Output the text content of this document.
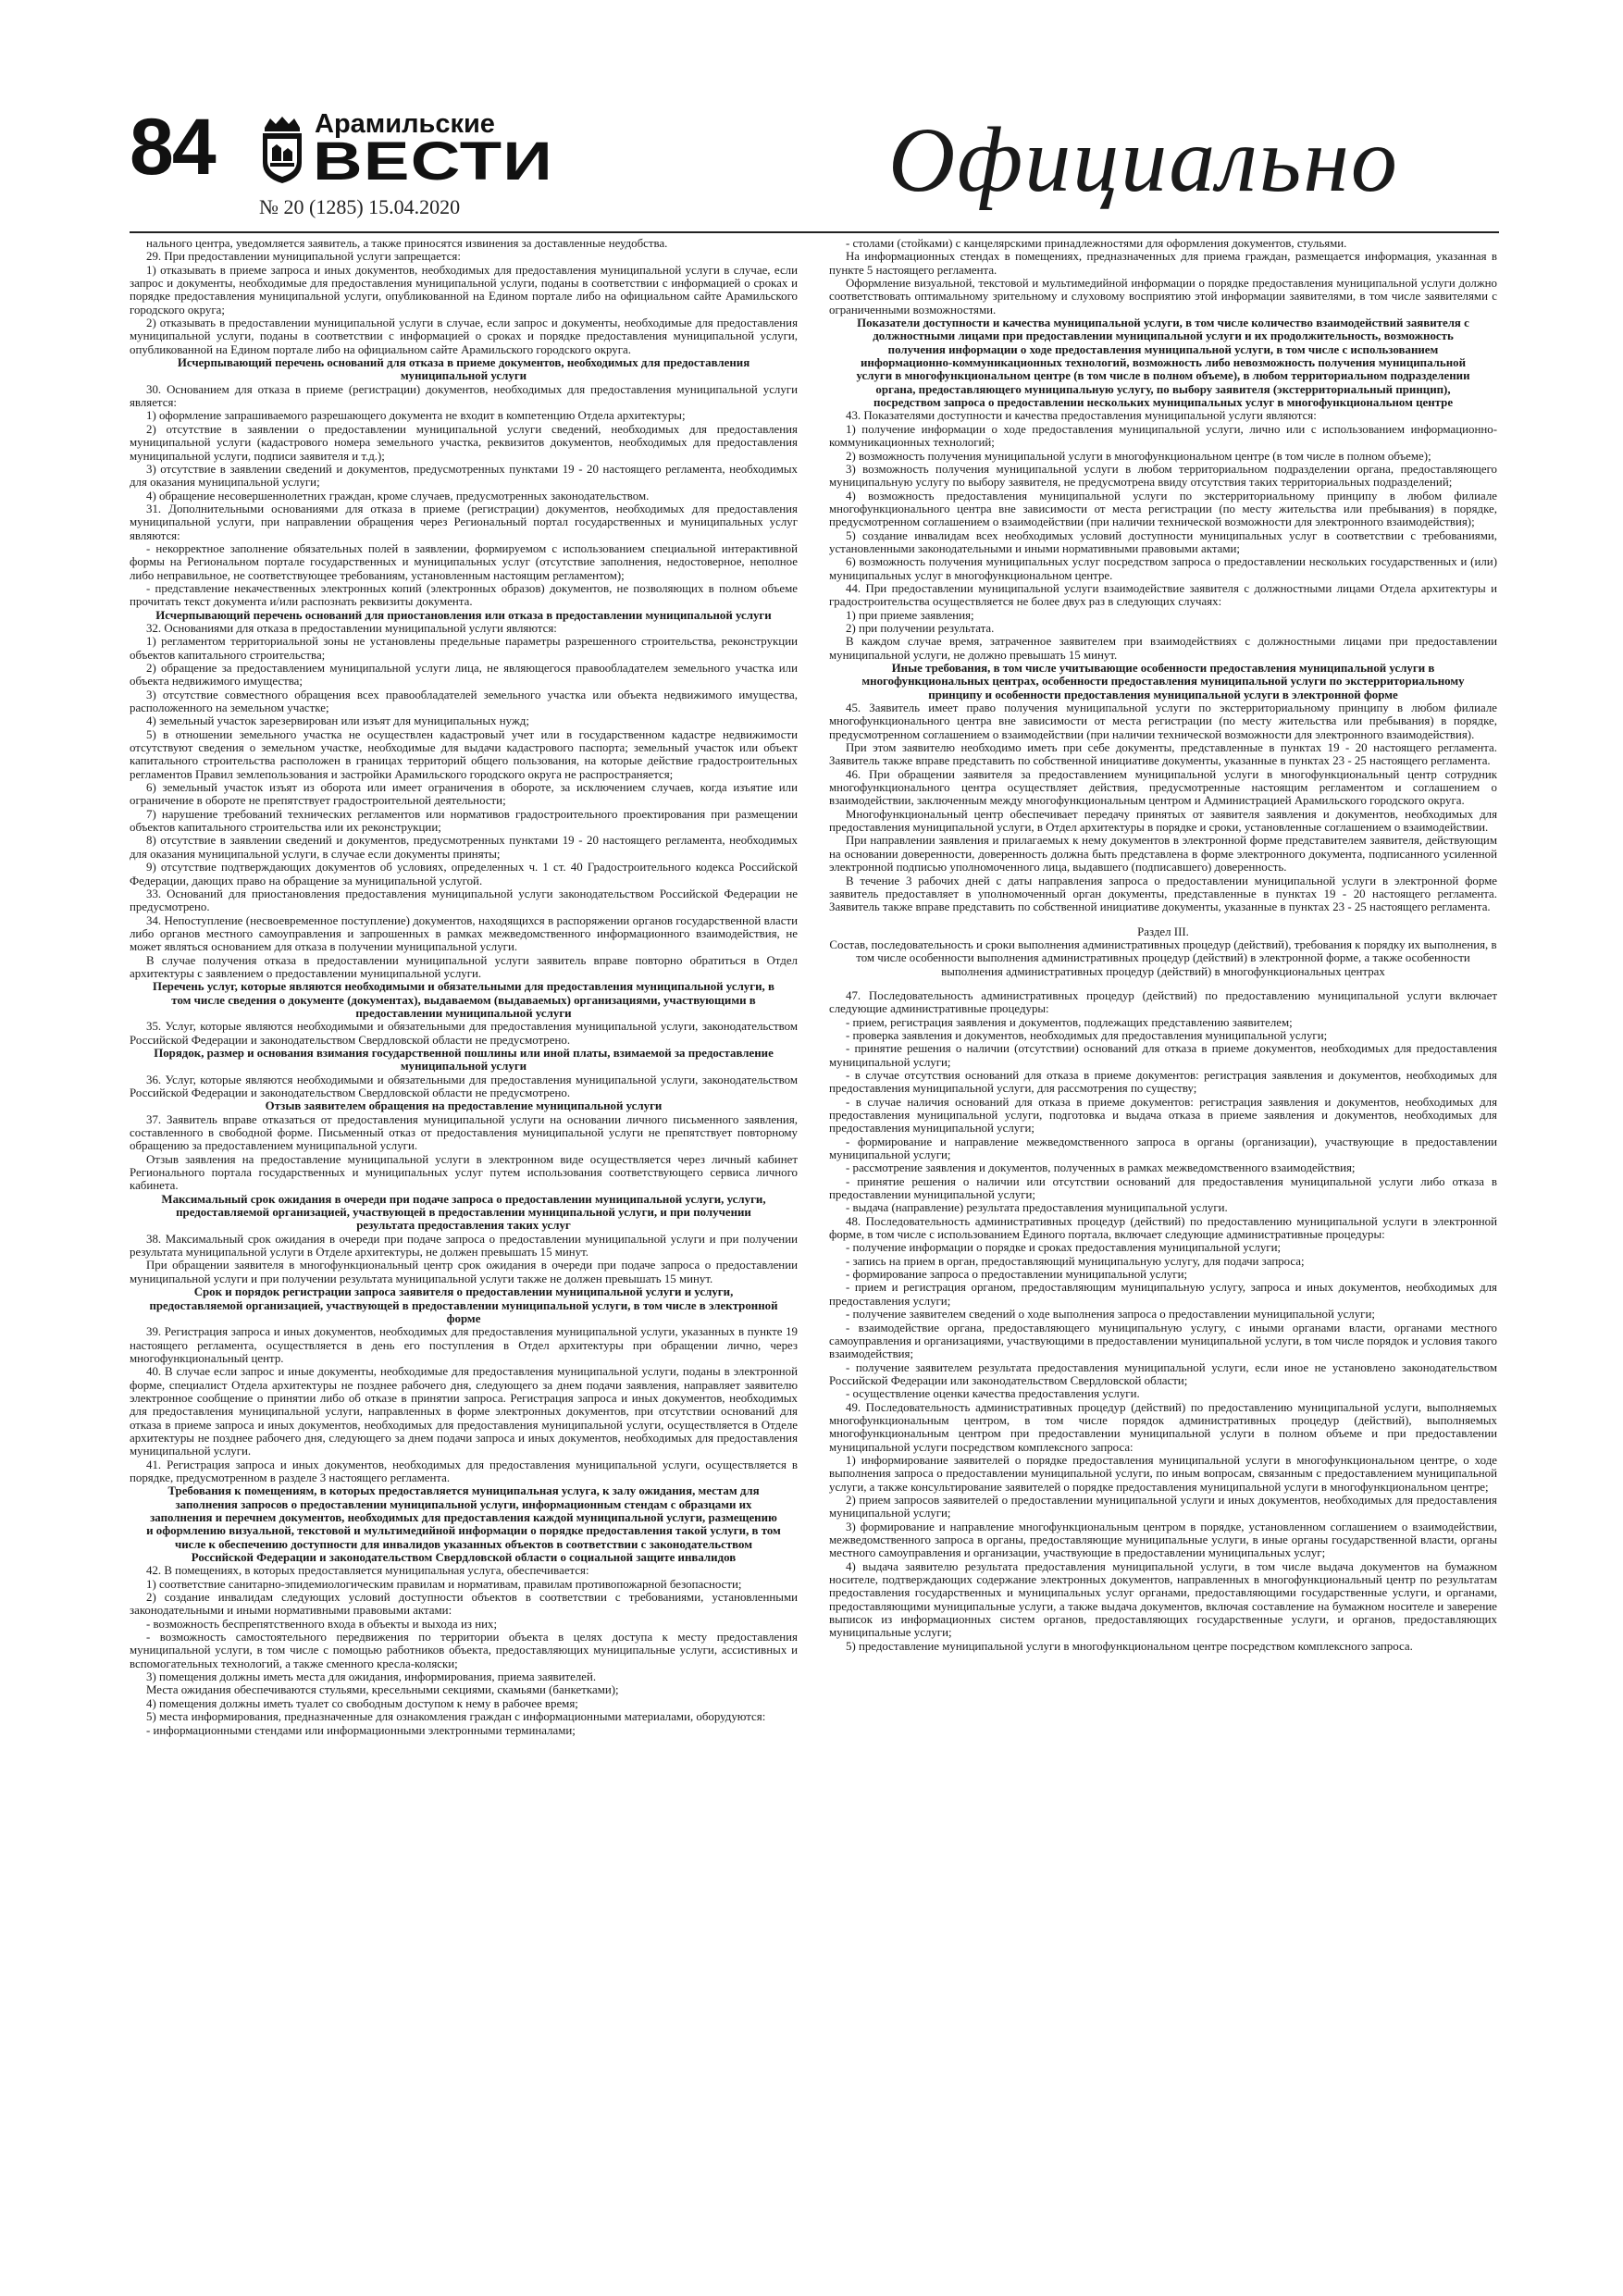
84	Арамильские
ВЕСТИ
№ 20 (1285) 15.04.2020	Официально

нального центра, уведомляется заявитель, а также приносятся извинения за доставленные неудобства.

29. При предоставлении муниципальной услуги запрещается:

1) отказывать в приеме запроса и иных документов, необходимых для предоставления муниципальной услуги в случае, если запрос и документы, необходимые для предоставления муниципальной услуги, поданы в соответствии с информацией о сроках и порядке предоставления муниципальной услуги, опубликованной на Едином портале либо на официальном сайте Арамильского городского округа;

2) отказывать в предоставлении муниципальной услуги в случае, если запрос и документы, необходимые для предоставления муниципальной услуги, поданы в соответствии с информацией о сроках и порядке предоставления муниципальной услуги, опубликованной на Едином портале либо на официальном сайте Арамильского городского округа.

Исчерпывающий перечень оснований для отказа в приеме документов, необходимых для предоставления муниципальной услуги

30. Основанием для отказа в приеме (регистрации) документов, необходимых для предоставления муниципальной услуги является:

1) оформление запрашиваемого разрешающего документа не входит в компетенцию Отдела архитектуры;

2) отсутствие в заявлении о предоставлении муниципальной услуги сведений, необходимых для предоставления муниципальной услуги (кадастрового номера земельного участка, реквизитов документов, необходимых для предоставления муниципальной услуги, подписи заявителя и т.д.);

3) отсутствие в заявлении сведений и документов, предусмотренных пунктами 19 - 20 настоящего регламента, необходимых для оказания муниципальной услуги;

4) обращение несовершеннолетних граждан, кроме случаев, предусмотренных законодательством.

31. Дополнительными основаниями для отказа в приеме (регистрации) документов, необходимых для предоставления муниципальной услуги, при направлении обращения через Региональный портал государственных и муниципальных услуг являются:

- некорректное заполнение обязательных полей в заявлении, формируемом с использованием специальной интерактивной формы на Региональном портале государственных и муниципальных услуг (отсутствие заполнения, недостоверное, неполное либо неправильное, не соответствующее требованиям, установленным настоящим регламентом);

- представление некачественных электронных копий (электронных образов) документов, не позволяющих в полном объеме прочитать текст документа и/или распознать реквизиты документа.

Исчерпывающий перечень оснований для приостановления или отказа в предоставлении муниципальной услуги

32. Основаниями для отказа в предоставлении муниципальной услуги являются:

1) регламентом территориальной зоны не установлены предельные параметры разрешенного строительства, реконструкции объектов капитального строительства;

2) обращение за предоставлением муниципальной услуги лица, не являющегося правообладателем земельного участка или объекта недвижимого имущества;

3) отсутствие совместного обращения всех правообладателей земельного участка или объекта недвижимого имущества, расположенного на земельном участке;

4) земельный участок зарезервирован или изъят для муниципальных нужд;

5) в отношении земельного участка не осуществлен кадастровый учет или в государственном кадастре недвижимости отсутствуют сведения о земельном участке, необходимые для выдачи кадастрового паспорта; земельный участок или объект капитального строительства расположен в границах территорий общего пользования, на которые действие градостроительных регламентов Правил землепользования и застройки Арамильского городского округа не распространяется;

6) земельный участок изъят из оборота или имеет ограничения в обороте, за исключением случаев, когда изъятие или ограничение в обороте не препятствует градостроительной деятельности;

7) нарушение требований технических регламентов или нормативов градостроительного проектирования при размещении объектов капитального строительства или их реконструкции;

8) отсутствие в заявлении сведений и документов, предусмотренных пунктами 19 - 20 настоящего регламента, необходимых для оказания муниципальной услуги, в случае если документы приняты;

9) отсутствие подтверждающих документов об условиях, определенных ч. 1 ст. 40 Градостроительного кодекса Российской Федерации, дающих право на обращение за муниципальной услугой.

33. Оснований для приостановления предоставления муниципальной услуги законодательством Российской Федерации не предусмотрено.

34. Непоступление (несвоевременное поступление) документов, находящихся в распоряжении органов государственной власти либо органов местного самоуправления и запрошенных в рамках межведомственного информационного взаимодействия, не может являться основанием для отказа в получении муниципальной услуги.

В случае получения отказа в предоставлении муниципальной услуги заявитель вправе повторно обратиться в Отдел архитектуры с заявлением о предоставлении муниципальной услуги.

Перечень услуг, которые являются необходимыми и обязательными для предоставления муниципальной услуги, в том числе сведения о документе (документах), выдаваемом (выдаваемых) организациями, участвующими в предоставлении муниципальной услуги

35. Услуг, которые являются необходимыми и обязательными для предоставления муниципальной услуги, законодательством Российской Федерации и законодательством Свердловской области не предусмотрено.

Порядок, размер и основания взимания государственной пошлины или иной платы, взимаемой за предоставление муниципальной услуги

36. Услуг, которые являются необходимыми и обязательными для предоставления муниципальной услуги, законодательством Российской Федерации и законодательством Свердловской области не предусмотрено.

Отзыв заявителем обращения на предоставление муниципальной услуги

37. Заявитель вправе отказаться от предоставления муниципальной услуги на основании личного письменного заявления, составленного в свободной форме. Письменный отказ от предоставления муниципальной услуги не препятствует повторному обращению за предоставлением муниципальной услуги.

Отзыв заявления на предоставление муниципальной услуги в электронном виде осуществляется через личный кабинет Регионального портала государственных и муниципальных услуг путем использования соответствующего сервиса личного кабинета.

Максимальный срок ожидания в очереди при подаче запроса о предоставлении муниципальной услуги, услуги, предоставляемой организацией, участвующей в предоставлении муниципальной услуги, и при получении результата предоставления таких услуг

38. Максимальный срок ожидания в очереди при подаче запроса о предоставлении муниципальной услуги и при получении результата муниципальной услуги в Отделе архитектуры, не должен превышать 15 минут.

При обращении заявителя в многофункциональный центр срок ожидания в очереди при подаче запроса о предоставлении муниципальной услуги и при получении результата муниципальной услуги также не должен превышать 15 минут.

Срок и порядок регистрации запроса заявителя о предоставлении муниципальной услуги и услуги, предоставляемой организацией, участвующей в предоставлении муниципальной услуги, в том числе в электронной форме

39. Регистрация запроса и иных документов, необходимых для предоставления муниципальной услуги, указанных в пункте 19 настоящего регламента, осуществляется в день его поступления в Отдел архитектуры при обращении лично, через многофункциональный центр.

40. В случае если запрос и иные документы, необходимые для предоставления муниципальной услуги, поданы в электронной форме, специалист Отдела архитектуры не позднее рабочего дня, следующего за днем подачи заявления, направляет заявителю электронное сообщение о принятии либо об отказе в принятии запроса. Регистрация запроса и иных документов, необходимых для предоставления муниципальной услуги, направленных в форме электронных документов, при отсутствии оснований для отказа в приеме запроса и иных документов, необходимых для предоставления муниципальной услуги, осуществляется в Отделе архитектуры не позднее рабочего дня, следующего за днем подачи запроса и иных документов, необходимых для предоставления муниципальной услуги.

41. Регистрация запроса и иных документов, необходимых для предоставления муниципальной услуги, осуществляется в порядке, предусмотренном в разделе 3 настоящего регламента.

Требования к помещениям, в которых предоставляется муниципальная услуга, к залу ожидания, местам для заполнения запросов о предоставлении муниципальной услуги, информационным стендам с образцами их заполнения и перечнем документов, необходимых для предоставления каждой муниципальной услуги, размещению и оформлению визуальной, текстовой и мультимедийной информации о порядке предоставления такой услуги, в том числе к обеспечению доступности для инвалидов указанных объектов в соответствии с законодательством Российской Федерации и законодательством Свердловской области о социальной защите инвалидов

42. В помещениях, в которых предоставляется муниципальная услуга, обеспечивается:

1) соответствие санитарно-эпидемиологическим правилам и нормативам, правилам противопожарной безопасности;

2) создание инвалидам следующих условий доступности объектов в соответствии с требованиями, установленными законодательными и иными нормативными правовыми актами:

- возможность беспрепятственного входа в объекты и выхода из них;

- возможность самостоятельного передвижения по территории объекта в целях доступа к месту предоставления муниципальной услуги, в том числе с помощью работников объекта, предоставляющих муниципальные услуги, ассистивных и вспомогательных технологий, а также сменного кресла-коляски;

3) помещения должны иметь места для ожидания, информирования, приема заявителей.

Места ожидания обеспечиваются стульями, кресельными секциями, скамьями (банкетками);

4) помещения должны иметь туалет со свободным доступом к нему в рабочее время;

5) места информирования, предназначенные для ознакомления граждан с информационными материалами, оборудуются:

- информационными стендами или информационными электронными терминалами;

- столами (стойками) с канцелярскими принадлежностями для оформления документов, стульями.

На информационных стендах в помещениях, предназначенных для приема граждан, размещается информация, указанная в пункте 5 настоящего регламента.

Оформление визуальной, текстовой и мультимедийной информации о порядке предоставления муниципальной услуги должно соответствовать оптимальному зрительному и слуховому восприятию этой информации заявителями, в том числе заявителями с ограниченными возможностями.

Показатели доступности и качества муниципальной услуги, в том числе количество взаимодействий заявителя с должностными лицами при предоставлении муниципальной услуги и их продолжительность, возможность получения информации о ходе предоставления муниципальной услуги, в том числе с использованием информационно-коммуникационных технологий, возможность либо невозможность получения муниципальной услуги в многофункциональном центре (в том числе в полном объеме), в любом территориальном подразделении органа, предоставляющего муниципальную услугу, по выбору заявителя (экстерриториальный принцип), посредством запроса о предоставлении нескольких муниципальных услуг в многофункциональном центре

43. Показателями доступности и качества предоставления муниципальной услуги являются:

1) получение информации о ходе предоставления муниципальной услуги, лично или с использованием информационно-коммуникационных технологий;

2) возможность получения муниципальной услуги в многофункциональном центре (в том числе в полном объеме);

3) возможность получения муниципальной услуги в любом территориальном подразделении органа, предоставляющего муниципальную услугу по выбору заявителя, не предусмотрена ввиду отсутствия таких территориальных подразделений;

4) возможность предоставления муниципальной услуги по экстерриториальному принципу в любом филиале многофункционального центра вне зависимости от места регистрации (по месту жительства или пребывания) в порядке, предусмотренном соглашением о взаимодействии (при наличии технической возможности для электронного взаимодействия);

5) создание инвалидам всех необходимых условий доступности муниципальных услуг в соответствии с требованиями, установленными законодательными и иными нормативными правовыми актами;

6) возможность получения муниципальных услуг посредством запроса о предоставлении нескольких государственных и (или) муниципальных услуг в многофункциональном центре.

44. При предоставлении муниципальной услуги взаимодействие заявителя с должностными лицами Отдела архитектуры и градостроительства осуществляется не более двух раз в следующих случаях:

1) при приеме заявления;

2) при получении результата.

В каждом случае время, затраченное заявителем при взаимодействиях с должностными лицами при предоставлении муниципальной услуги, не должно превышать 15 минут.

Иные требования, в том числе учитывающие особенности предоставления муниципальной услуги в многофункциональных центрах, особенности предоставления муниципальной услуги по экстерриториальному принципу и особенности предоставления муниципальной услуги в электронной форме

45. Заявитель имеет право получения муниципальной услуги по экстерриториальному принципу в любом филиале многофункционального центра вне зависимости от места регистрации (по месту жительства или пребывания) в порядке, предусмотренном соглашением о взаимодействии (при наличии технической возможности для электронного взаимодействия).

При этом заявителю необходимо иметь при себе документы, представленные в пунктах 19 - 20 настоящего регламента. Заявитель также вправе представить по собственной инициативе документы, указанные в пунктах 23 - 25 настоящего регламента.

46. При обращении заявителя за предоставлением муниципальной услуги в многофункциональный центр сотрудник многофункционального центра осуществляет действия, предусмотренные настоящим регламентом и соглашением о взаимодействии, заключенным между многофункциональным центром и Администрацией Арамильского городского округа.

Многофункциональный центр обеспечивает передачу принятых от заявителя заявления и документов, необходимых для предоставления муниципальной услуги, в Отдел архитектуры в порядке и сроки, установленные соглашением о взаимодействии.

При направлении заявления и прилагаемых к нему документов в электронной форме представителем заявителя, действующим на основании доверенности, доверенность должна быть представлена в форме электронного документа, подписанного усиленной электронной подписью уполномоченного лица, выдавшего (подписавшего) доверенность.

В течение 3 рабочих дней с даты направления запроса о предоставлении муниципальной услуги в электронной форме заявитель предоставляет в уполномоченный орган документы, представленные в пунктах 19 - 20 настоящего регламента. Заявитель также вправе представить по собственной инициативе документы, указанные в пунктах 23 - 25 настоящего регламента.

Раздел III.

Состав, последовательность и сроки выполнения административных процедур (действий), требования к порядку их выполнения, в том числе особенности выполнения административных процедур (действий) в электронной форме, а также особенности выполнения административных процедур (действий) в многофункциональных центрах

47. Последовательность административных процедур (действий) по предоставлению муниципальной услуги включает следующие административные процедуры:

- прием, регистрация заявления и документов, подлежащих представлению заявителем;

- проверка заявления и документов, необходимых для предоставления муниципальной услуги;

- принятие решения о наличии (отсутствии) оснований для отказа в приеме документов, необходимых для предоставления муниципальной услуги;

- в случае отсутствия оснований для отказа в приеме документов: регистрация заявления и документов, необходимых для предоставления муниципальной услуги, для рассмотрения по существу;

- в случае наличия оснований для отказа в приеме документов: регистрация заявления и документов, необходимых для предоставления муниципальной услуги, подготовка и выдача отказа в приеме заявления и документов, необходимых для предоставления муниципальной услуги;

- формирование и направление межведомственного запроса в органы (организации), участвующие в предоставлении муниципальной услуги;

- рассмотрение заявления и документов, полученных в рамках межведомственного взаимодействия;

- принятие решения о наличии или отсутствии оснований для предоставления муниципальной услуги либо отказа в предоставлении муниципальной услуги;

- выдача (направление) результата предоставления муниципальной услуги.

48. Последовательность административных процедур (действий) по предоставлению муниципальной услуги в электронной форме, в том числе с использованием Единого портала, включает следующие административные процедуры:

- получение информации о порядке и сроках предоставления муниципальной услуги;

- запись на прием в орган, предоставляющий муниципальную услугу, для подачи запроса;

- формирование запроса о предоставлении муниципальной услуги;

- прием и регистрация органом, предоставляющим муниципальную услугу, запроса и иных документов, необходимых для предоставления услуги;

- получение заявителем сведений о ходе выполнения запроса о предоставлении муниципальной услуги;

- взаимодействие органа, предоставляющего муниципальную услугу, с иными органами власти, органами местного самоуправления и организациями, участвующими в предоставлении муниципальной услуги, в том числе порядок и условия такого взаимодействия;

- получение заявителем результата предоставления муниципальной услуги, если иное не установлено законодательством Российской Федерации или законодательством Свердловской области;

- осуществление оценки качества предоставления услуги.

49. Последовательность административных процедур (действий) по предоставлению муниципальной услуги, выполняемых многофункциональным центром, в том числе порядок административных процедур (действий), выполняемых многофункциональным центром при предоставлении муниципальной услуги в полном объеме и при предоставлении муниципальной услуги посредством комплексного запроса:

1) информирование заявителей о порядке предоставления муниципальной услуги в многофункциональном центре, о ходе выполнения запроса о предоставлении муниципальной услуги, по иным вопросам, связанным с предоставлением муниципальной услуги, а также консультирование заявителей о порядке предоставления муниципальной услуги в многофункциональном центре;

2) прием запросов заявителей о предоставлении муниципальной услуги и иных документов, необходимых для предоставления муниципальной услуги;

3) формирование и направление многофункциональным центром в порядке, установленном соглашением о взаимодействии, межведомственного запроса в органы, предоставляющие муниципальные услуги, в иные органы государственной власти, органы местного самоуправления и организации, участвующие в предоставлении муниципальных услуг;

4) выдача заявителю результата предоставления муниципальной услуги, в том числе выдача документов на бумажном носителе, подтверждающих содержание электронных документов, направленных в многофункциональный центр по результатам предоставления государственных и муниципальных услуг органами, предоставляющими государственные услуги, и органами, предоставляющими муниципальные услуги, а также выдача документов, включая составление на бумажном носителе и заверение выписок из информационных систем органов, предоставляющих государственные услуги, и органов, предоставляющих муниципальные услуги;

5) предоставление муниципальной услуги в многофункциональном центре посредством комплексного запроса.
